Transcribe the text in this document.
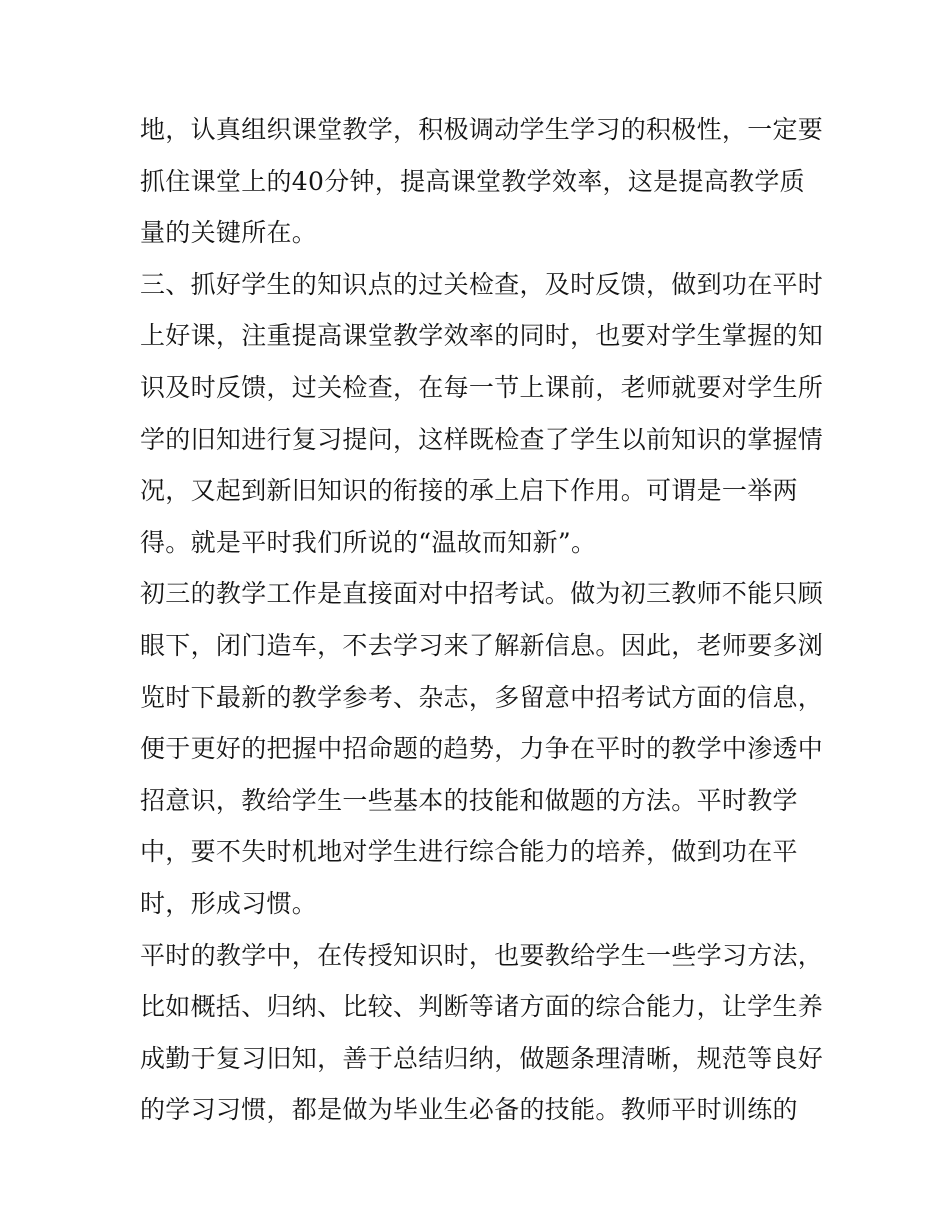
地，认真组织课堂教学，积极调动学生学习的积极性，一定要
抓住课堂上的40分钟，提高课堂教学效率，这是提高教学质
量的关键所在。
三、抓好学生的知识点的过关检查，及时反馈，做到功在平时
上好课，注重提高课堂教学效率的同时，也要对学生掌握的知
识及时反馈，过关检查，在每一节上课前，老师就要对学生所
学的旧知进行复习提问，这样既检查了学生以前知识的掌握情
况，又起到新旧知识的衔接的承上启下作用。可谓是一举两
得。就是平时我们所说的“温故而知新”。
初三的教学工作是直接面对中招考试。做为初三教师不能只顾
眼下，闭门造车，不去学习来了解新信息。因此，老师要多浏
览时下最新的教学参考、杂志，多留意中招考试方面的信息，
便于更好的把握中招命题的趋势，力争在平时的教学中渗透中
招意识，教给学生一些基本的技能和做题的方法。平时教学
中，要不失时机地对学生进行综合能力的培养，做到功在平
时，形成习惯。
平时的教学中，在传授知识时，也要教给学生一些学习方法，
比如概括、归纳、比较、判断等诸方面的综合能力，让学生养
成勤于复习旧知，善于总结归纳，做题条理清晰，规范等良好
的学习习惯，都是做为毕业生必备的技能。教师平时训练的
